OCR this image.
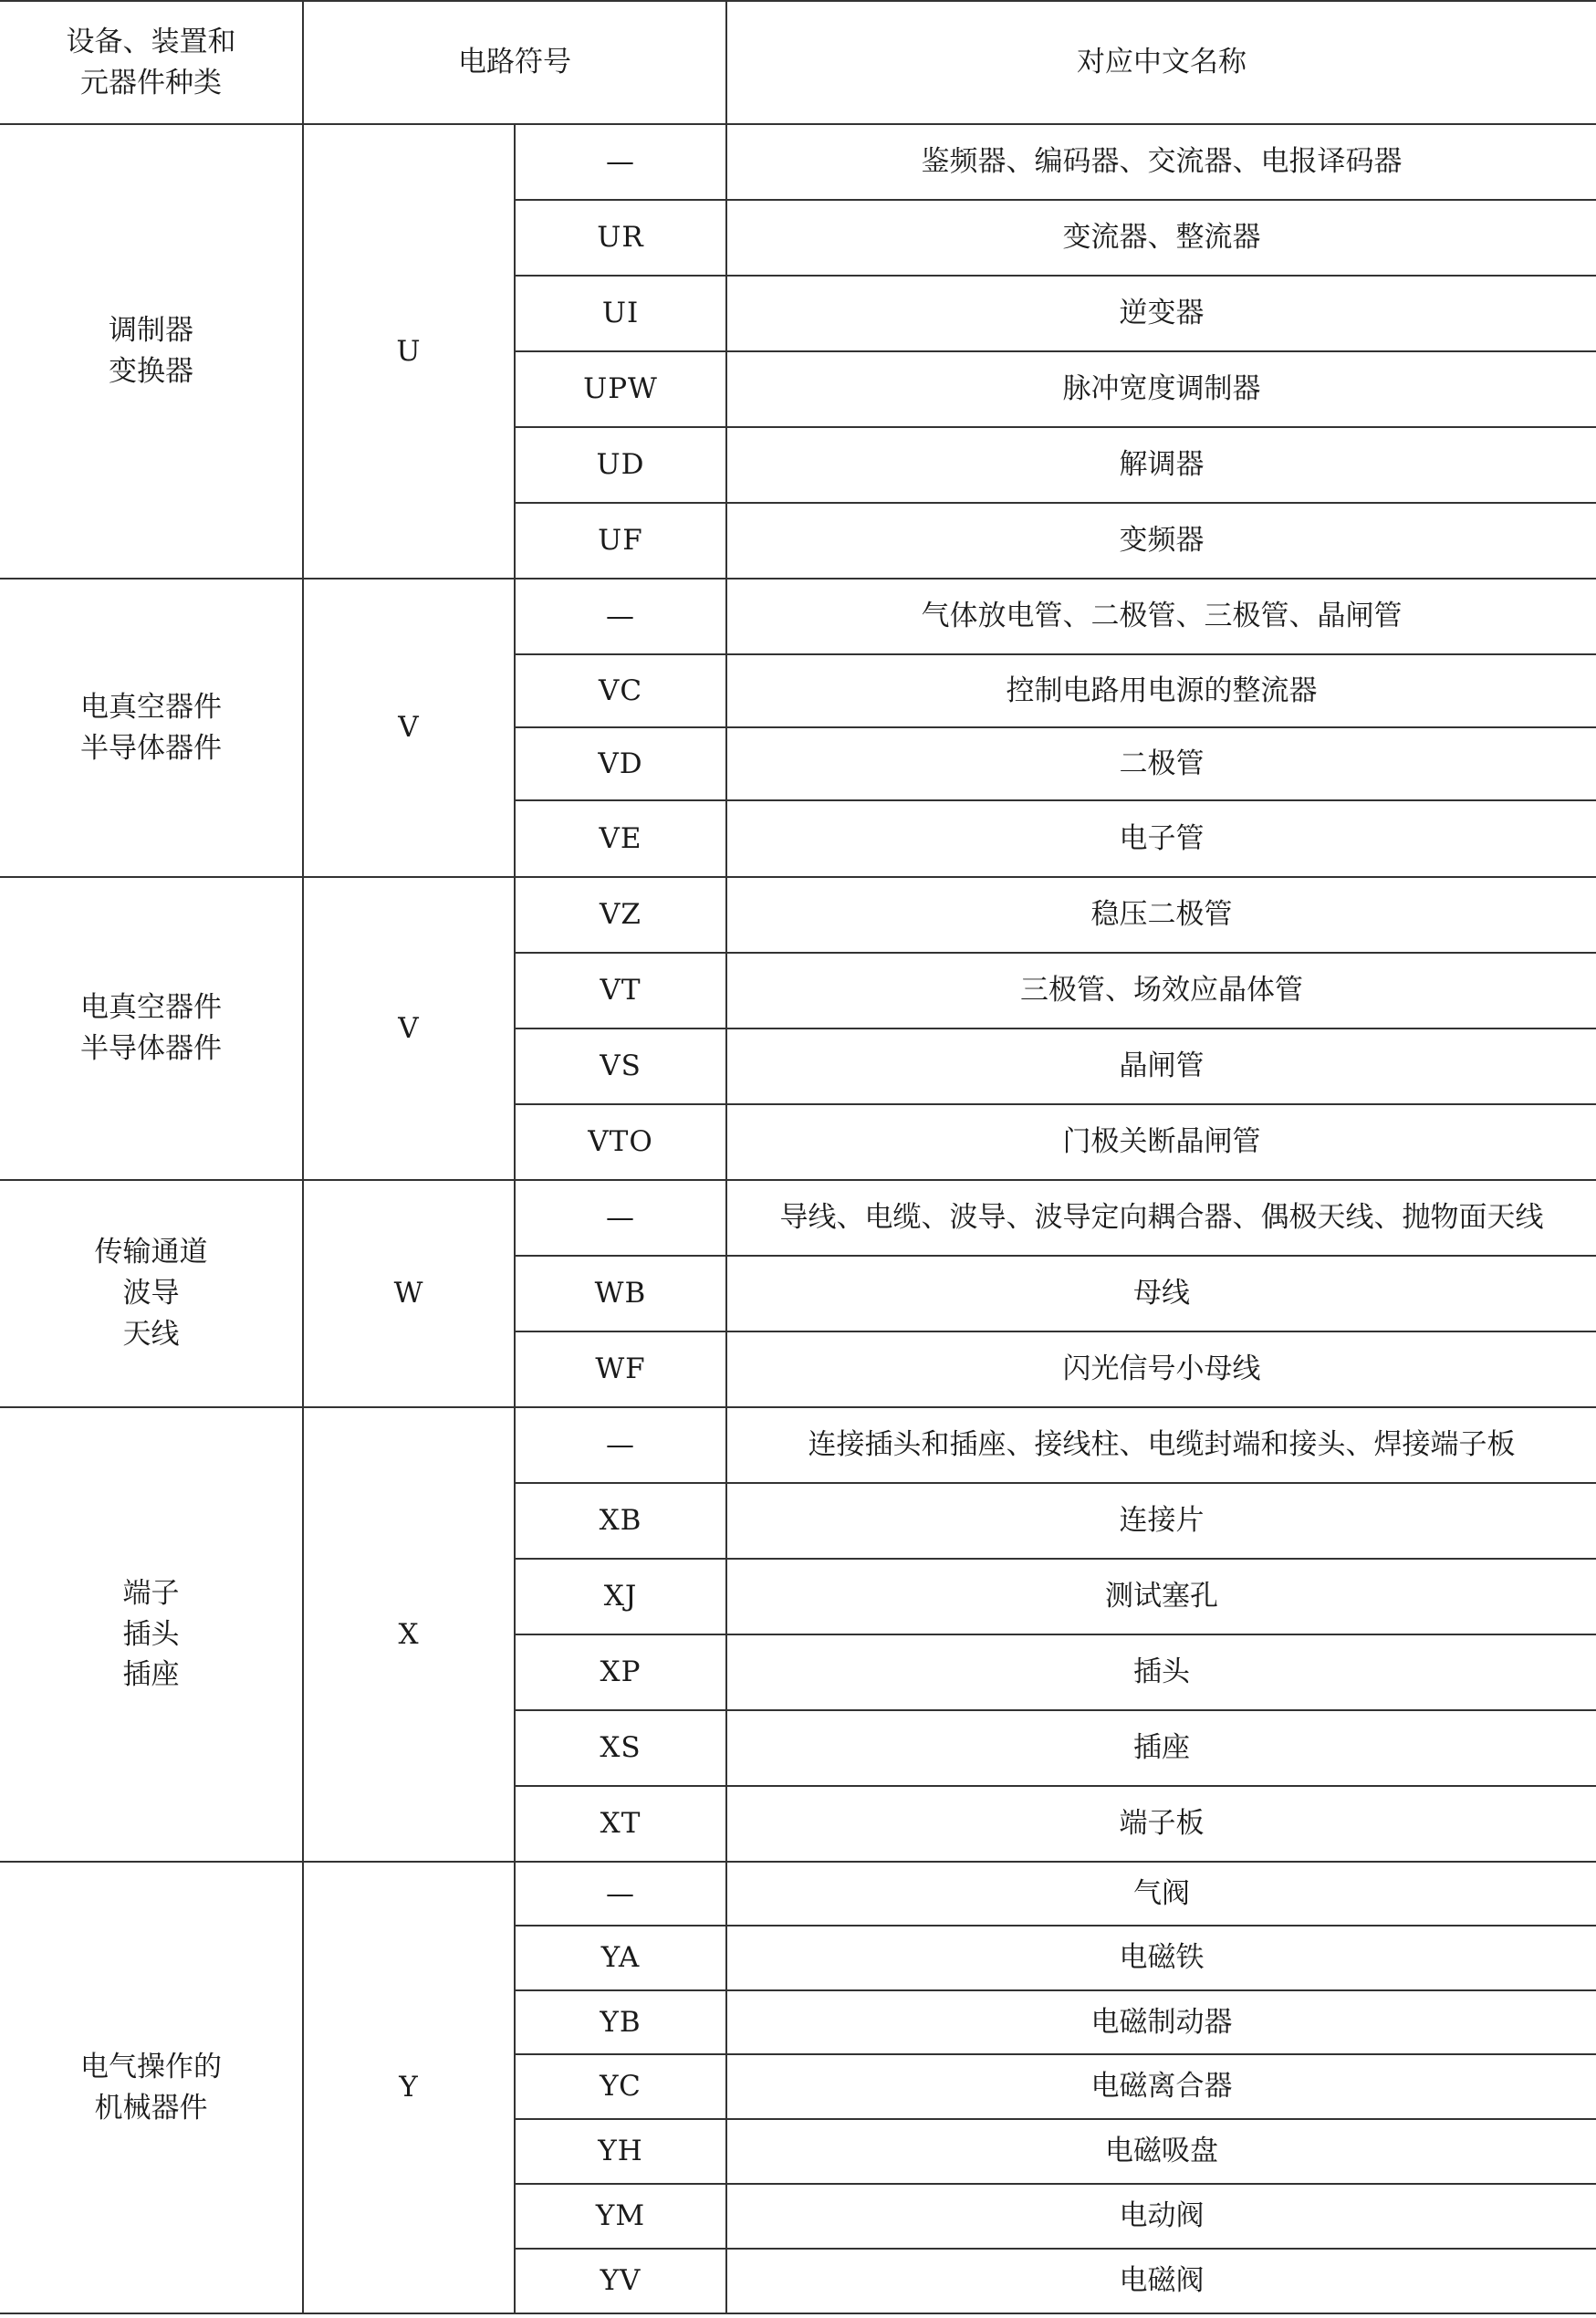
设备、装置和
元器件种类	电路符号		对应中文名称

调制器
变换器	U	—	鉴频器、编码器、交流器、电报译码器
		UR	变流器、整流器
		UI	逆变器
		UPW	脉冲宽度调制器
		UD	解调器
		UF	变频器

电真空器件
半导体器件	V	—	气体放电管、二极管、三极管、晶闸管
		VC	控制电路用电源的整流器
		VD	二极管
		VE	电子管

电真空器件
半导体器件	V	VZ	稳压二极管
		VT	三极管、场效应晶体管
		VS	晶闸管
		VTO	门极关断晶闸管

传输通道
波导
天线	W	—	导线、电缆、波导、波导定向耦合器、偶极天线、抛物面天线
		WB	母线
		WF	闪光信号小母线

端子
插头
插座	X	—	连接插头和插座、接线柱、电缆封端和接头、焊接端子板
		XB	连接片
		XJ	测试塞孔
		XP	插头
		XS	插座
		XT	端子板

电气操作的
机械器件	Y	—	气阀
		YA	电磁铁
		YB	电磁制动器
		YC	电磁离合器
		YH	电磁吸盘
		YM	电动阀
		YV	电磁阀
